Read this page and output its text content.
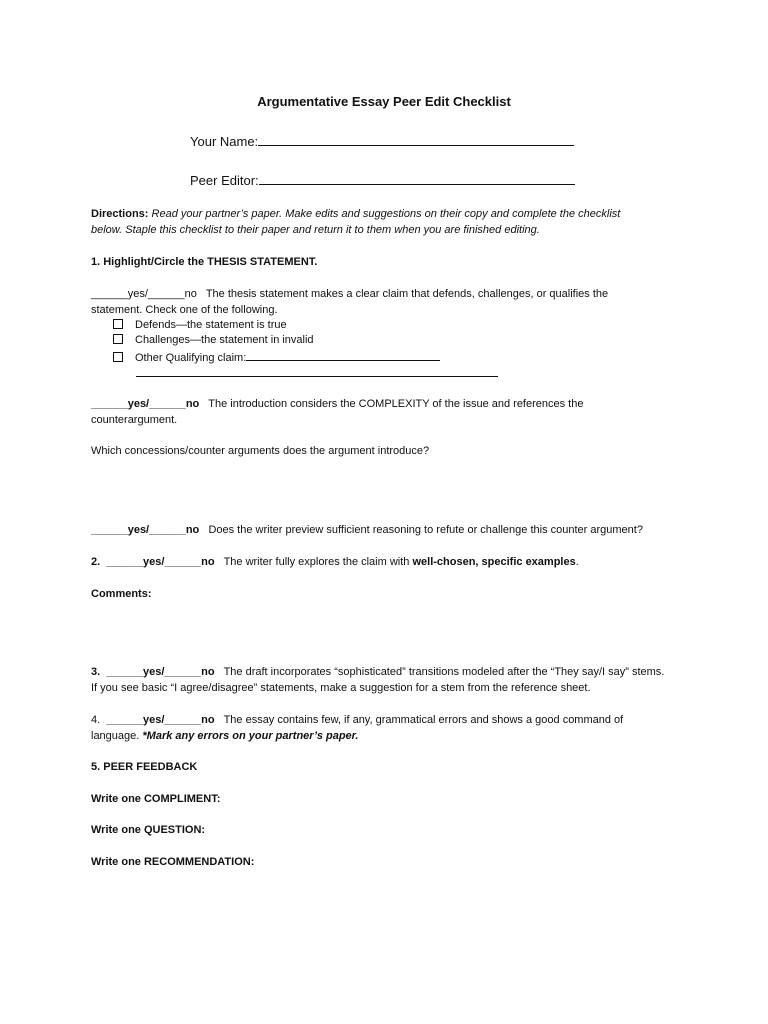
Argumentative Essay Peer Edit Checklist
Your Name:
Peer Editor:
Directions: Read your partner’s paper. Make edits and suggestions on their copy and complete the checklist below. Staple this checklist to their paper and return it to them when you are finished editing.
1. Highlight/Circle the THESIS STATEMENT.
______yes/______no The thesis statement makes a clear claim that defends, challenges, or qualifies the statement. Check one of the following.
Defends—the statement is true
Challenges—the statement in invalid
Other Qualifying claim:
______yes/______no The introduction considers the COMPLEXITY of the issue and references the
counterargument.
Which concessions/counter arguments does the argument introduce?
______yes/______no Does the writer preview sufficient reasoning to refute or challenge this counter argument?
2. ______yes/______no The writer fully explores the claim with well-chosen, specific examples.
Comments:
3. ______yes/______no The draft incorporates “sophisticated” transitions modeled after the “They say/I say” stems. If you see basic “I agree/disagree” statements, make a suggestion for a stem from the reference sheet.
4. ______yes/______no The essay contains few, if any, grammatical errors and shows a good command of language. *Mark any errors on your partner’s paper.
5. PEER FEEDBACK
Write one COMPLIMENT:
Write one QUESTION:
Write one RECOMMENDATION:
